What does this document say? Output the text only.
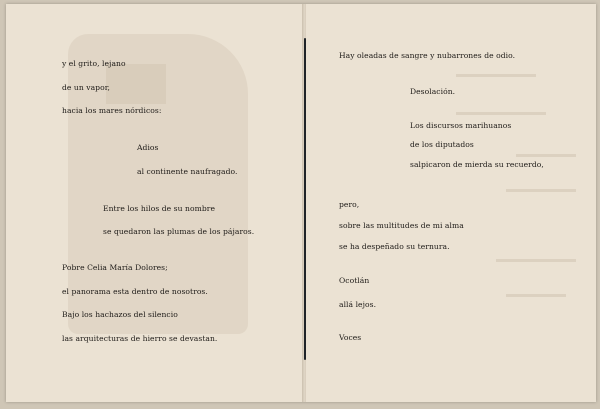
y el grito, lejano
de un vapor,
hacia los mares nórdicos:
Adios
al continente naufragado.
Entre los hilos de su nombre
se quedaron las plumas de los pájaros.
Pobre Celia María Dolores;
el panorama esta dentro de nosotros.
Bajo los hachazos del silencio
las arquitecturas de hierro se devastan.
Hay oleadas de sangre y nubarrones de odio.
Desolación.
Los discursos marihuanos
de los diputados
salpicaron de mierda su recuerdo,
pero,
sobre las multitudes de mi alma
se ha despeñado su ternura.
Ocotlán
allá lejos.
Voces
